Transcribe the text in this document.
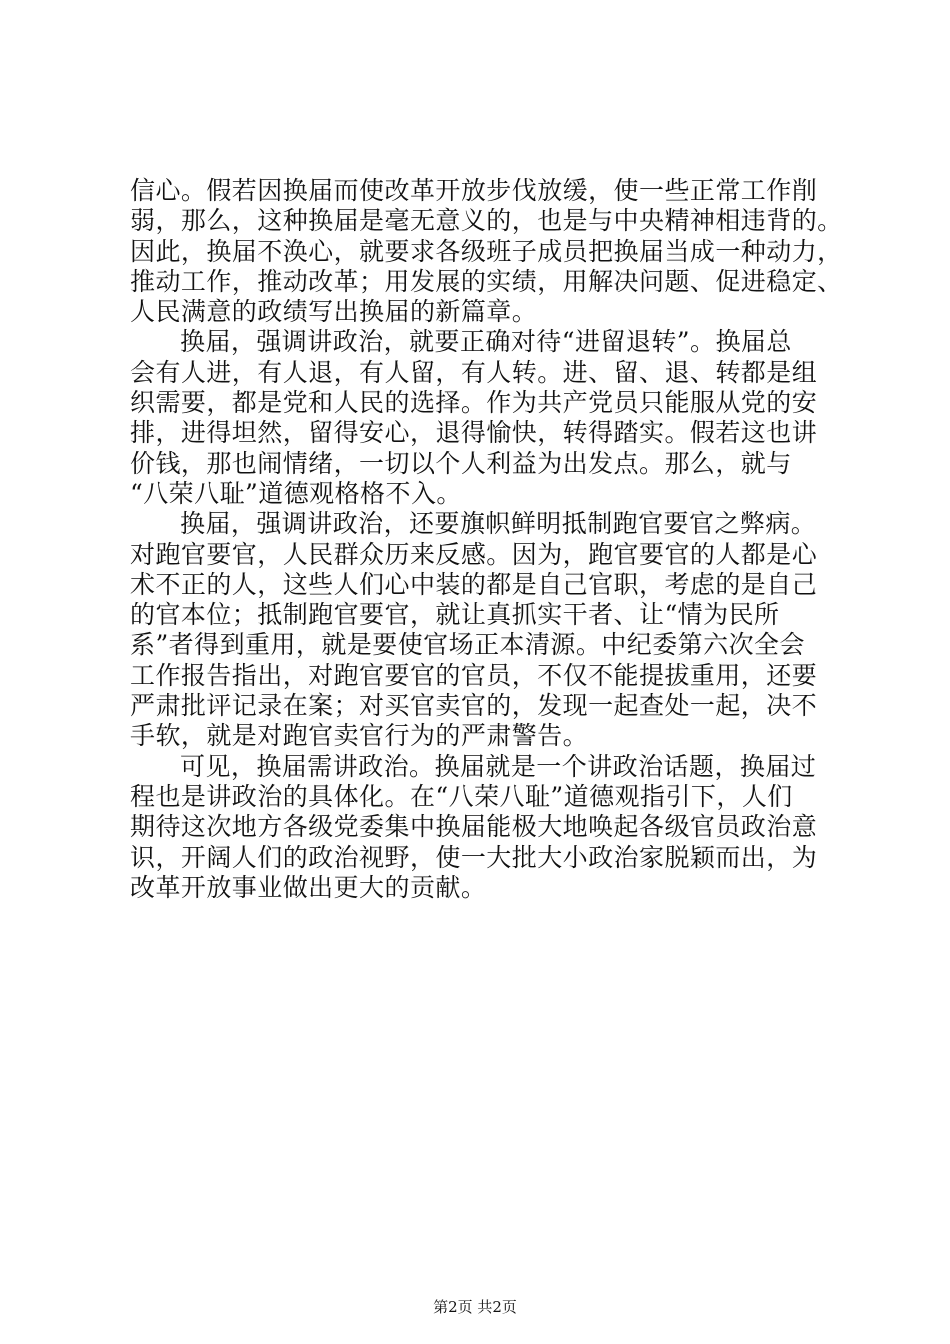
信心。假若因换届而使改革开放步伐放缓，使一些正常工作削
弱，那么，这种换届是毫无意义的，也是与中央精神相违背的。
因此，换届不涣心，就要求各级班子成员把换届当成一种动力，
推动工作，推动改革；用发展的实绩，用解决问题、促进稳定、
人民满意的政绩写出换届的新篇章。
换届，强调讲政治，就要正确对待“进留退转”。换届总
会有人进，有人退，有人留，有人转。进、留、退、转都是组
织需要，都是党和人民的选择。作为共产党员只能服从党的安
排，进得坦然，留得安心，退得愉快，转得踏实。假若这也讲
价钱，那也闹情绪，一切以个人利益为出发点。那么，就与
“八荣八耻”道德观格格不入。
换届，强调讲政治，还要旗帜鲜明抵制跑官要官之弊病。
对跑官要官，人民群众历来反感。因为，跑官要官的人都是心
术不正的人，这些人们心中装的都是自己官职，考虑的是自己
的官本位；抵制跑官要官，就让真抓实干者、让“情为民所
系”者得到重用，就是要使官场正本清源。中纪委第六次全会
工作报告指出，对跑官要官的官员，不仅不能提拔重用，还要
严肃批评记录在案；对买官卖官的，发现一起查处一起，决不
手软，就是对跑官卖官行为的严肃警告。
可见，换届需讲政治。换届就是一个讲政治话题，换届过
程也是讲政治的具体化。在“八荣八耻”道德观指引下，人们
期待这次地方各级党委集中换届能极大地唤起各级官员政治意
识，开阔人们的政治视野，使一大批大小政治家脱颖而出，为
改革开放事业做出更大的贡献。
第2页 共2页
